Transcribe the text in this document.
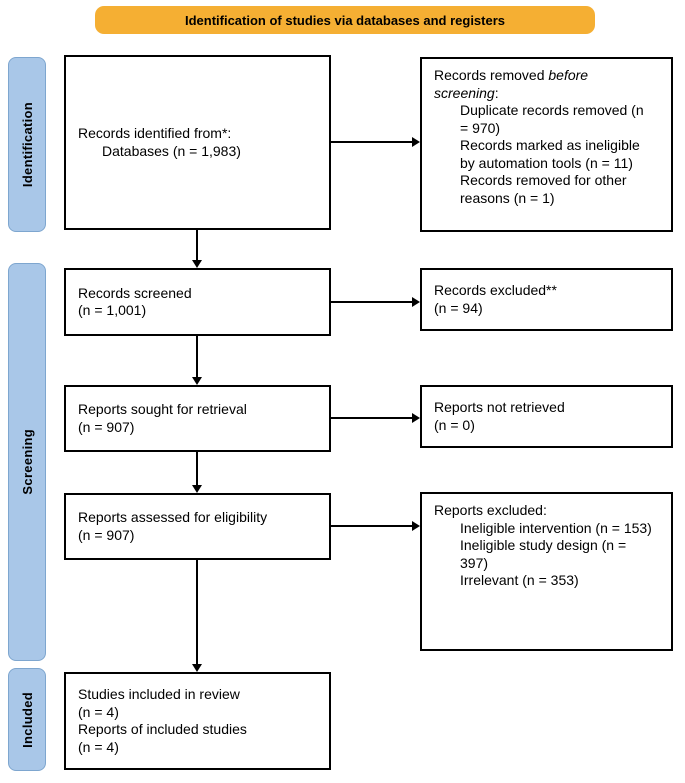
Identification of studies via databases and registers
Identification
Screening
Included
Records identified from*:
Databases (n = 1,983)
Records screened
(n = 1,001)
Reports sought for retrieval
(n = 907)
Reports assessed for eligibility
(n = 907)
Studies included in review
(n = 4)
Reports of included studies
(n = 4)
Records removed before screening:
Duplicate records removed (n = 970)
Records marked as ineligible by automation tools (n = 11)
Records removed for other reasons (n = 1)
Records excluded**
(n = 94)
Reports not retrieved
(n = 0)
Reports excluded:
Ineligible intervention (n = 153)
Ineligible study design (n = 397)
Irrelevant (n = 353)
